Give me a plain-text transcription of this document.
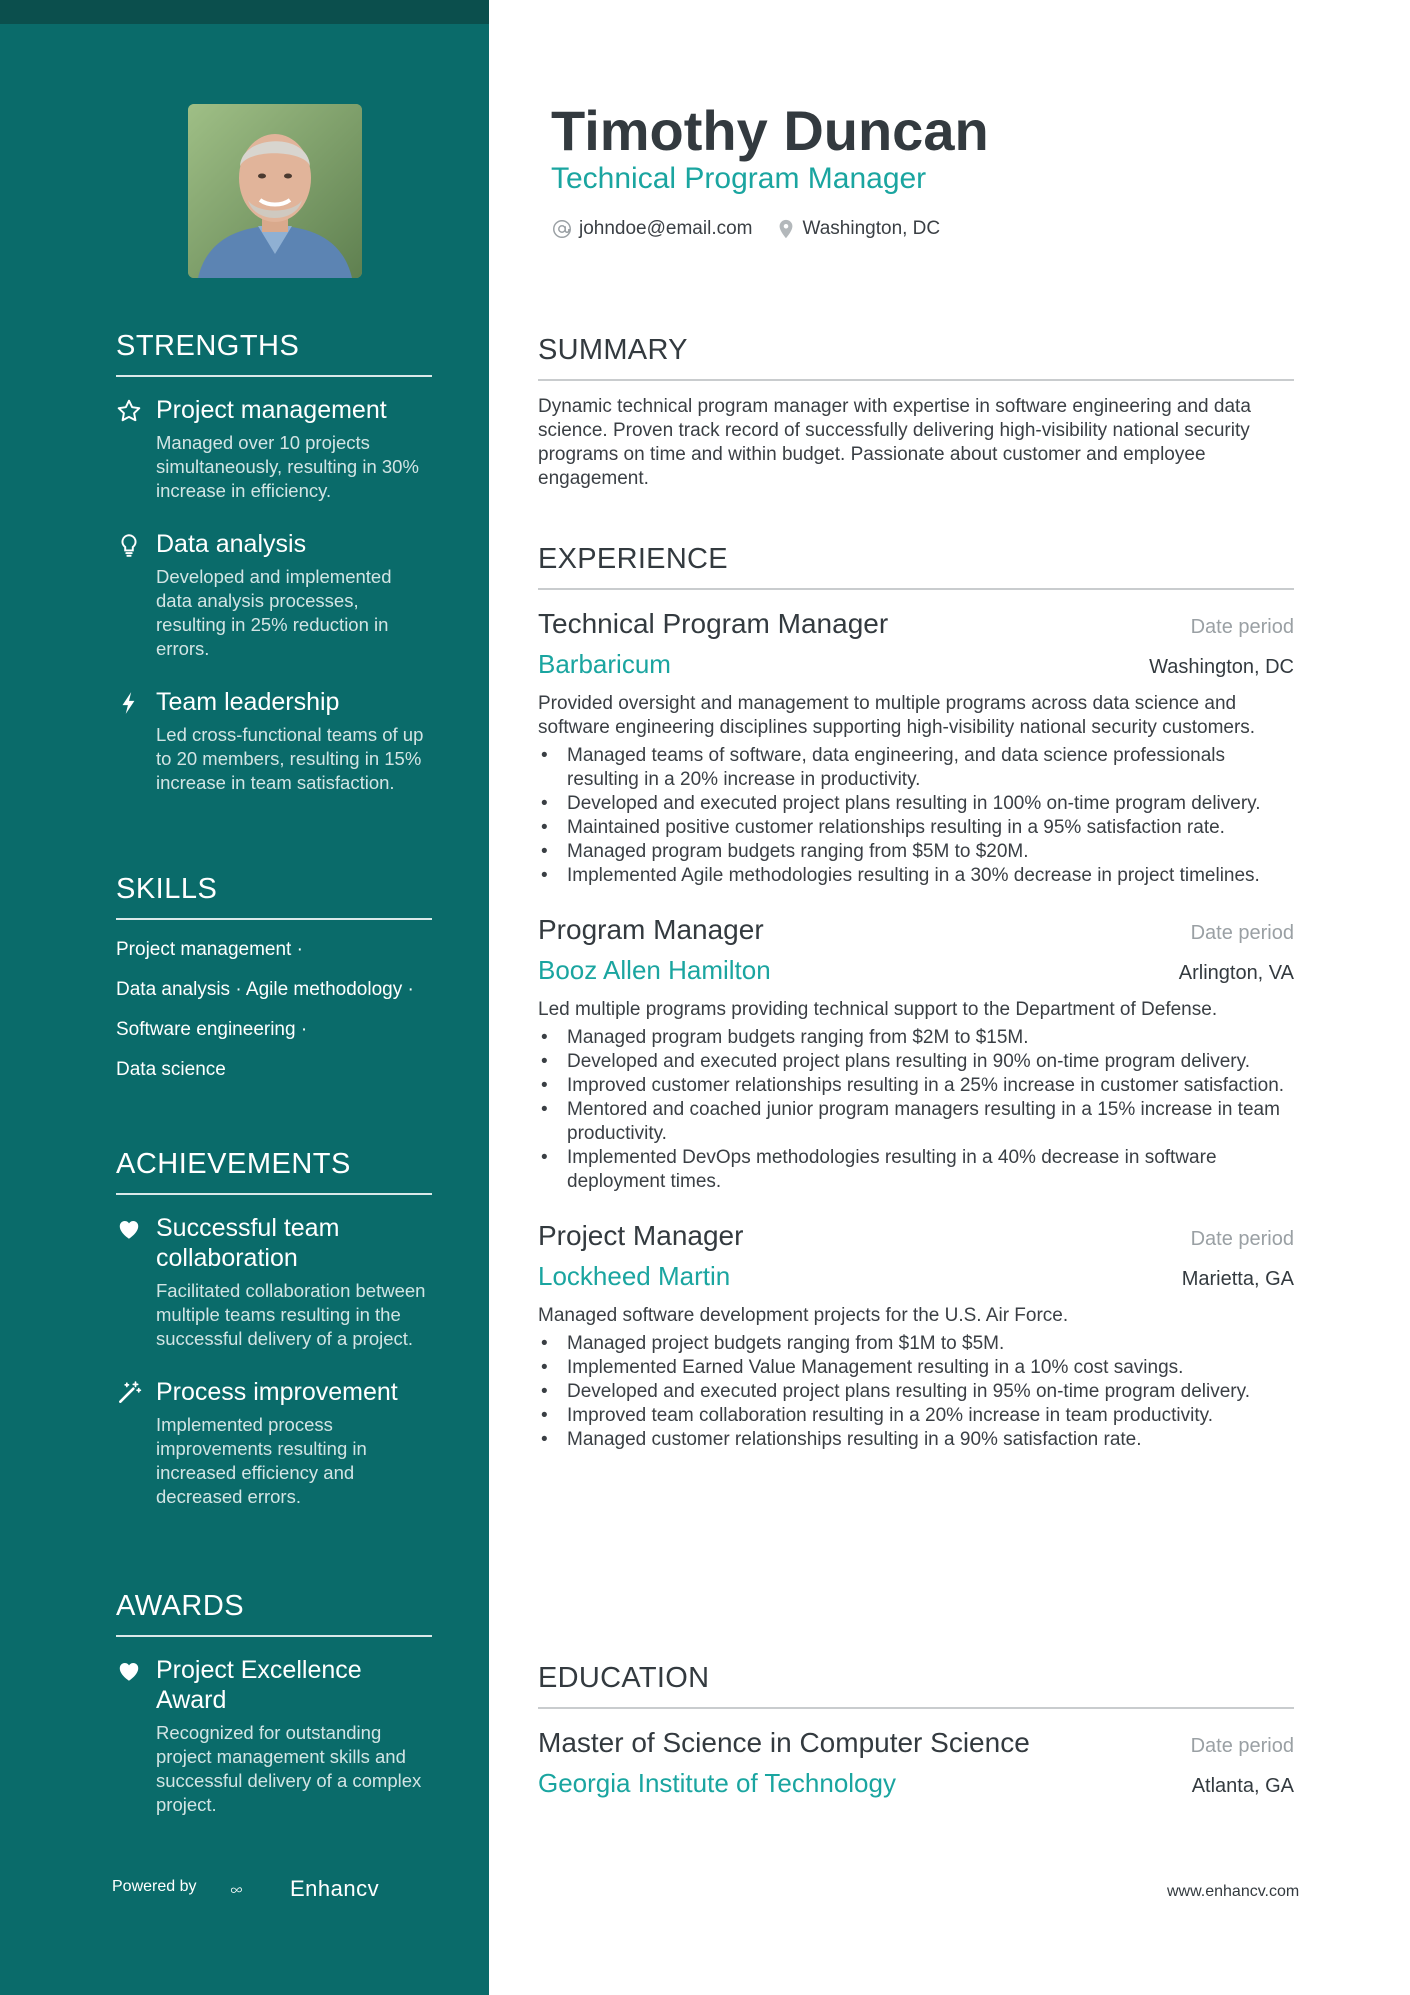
STRENGTHS
Project management
Managed over 10 projects simultaneously, resulting in 30% increase in efficiency.
Data analysis
Developed and implemented data analysis processes, resulting in 25% reduction in errors.
Team leadership
Led cross-functional teams of up to 20 members, resulting in 15% increase in team satisfaction.
SKILLS
Project management ·
Data analysis · Agile methodology ·
Software engineering ·
Data science
ACHIEVEMENTS
Successful team collaboration
Facilitated collaboration between multiple teams resulting in the successful delivery of a project.
Process improvement
Implemented process improvements resulting in increased efficiency and decreased errors.
AWARDS
Project Excellence Award
Recognized for outstanding project management skills and successful delivery of a complex project.
Powered by	Enhancv
Timothy Duncan
Technical Program Manager
johndoe@email.com	Washington, DC
SUMMARY

Dynamic technical program manager with expertise in software engineering and data science. Proven track record of successfully delivering high-visibility national security programs on time and within budget. Passionate about customer and employee engagement.

EXPERIENCE
Technical Program Manager	Date period
Barbaricum	Washington, DC
Provided oversight and management to multiple programs across data science and software engineering disciplines supporting high-visibility national security customers.
• Managed teams of software, data engineering, and data science professionals resulting in a 20% increase in productivity.
• Developed and executed project plans resulting in 100% on-time program delivery.
• Maintained positive customer relationships resulting in a 95% satisfaction rate.
• Managed program budgets ranging from $5M to $20M.
• Implemented Agile methodologies resulting in a 30% decrease in project timelines.
Program Manager	Date period
Booz Allen Hamilton	Arlington, VA
Led multiple programs providing technical support to the Department of Defense.
• Managed program budgets ranging from $2M to $15M.
• Developed and executed project plans resulting in 90% on-time program delivery.
• Improved customer relationships resulting in a 25% increase in customer satisfaction.
• Mentored and coached junior program managers resulting in a 15% increase in team productivity.
• Implemented DevOps methodologies resulting in a 40% decrease in software deployment times.
Project Manager	Date period
Lockheed Martin	Marietta, GA
Managed software development projects for the U.S. Air Force.
• Managed project budgets ranging from $1M to $5M.
• Implemented Earned Value Management resulting in a 10% cost savings.
• Developed and executed project plans resulting in 95% on-time program delivery.
• Improved team collaboration resulting in a 20% increase in team productivity.
• Managed customer relationships resulting in a 90% satisfaction rate.
EDUCATION
Master of Science in Computer Science	Date period
Georgia Institute of Technology	Atlanta, GA
www.enhancv.com
